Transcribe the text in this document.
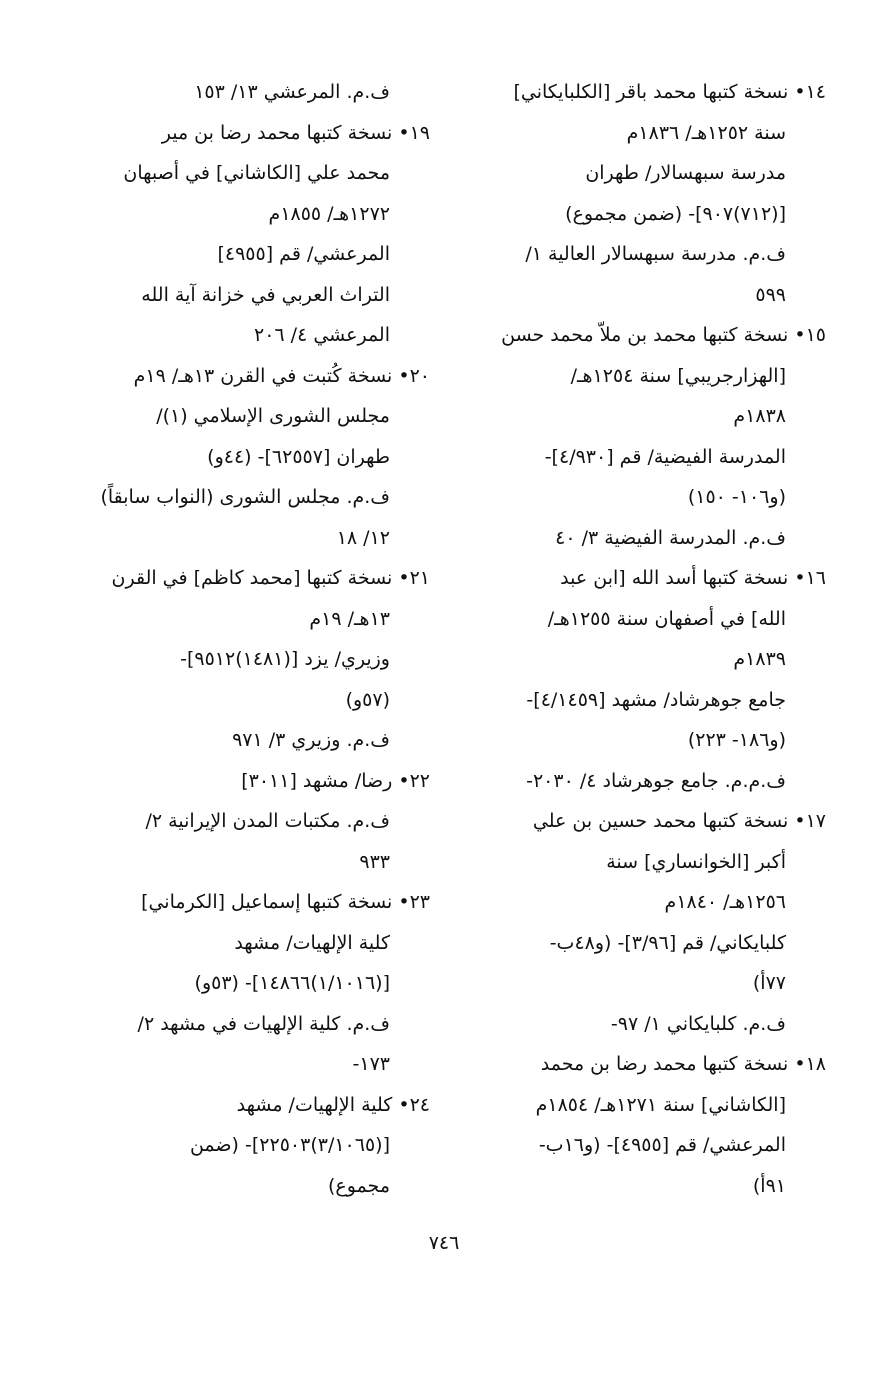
١٤• نسخة كتبها محمد باقر [الكلبايكاني]
سنة ١٢٥٢هـ/ ١٨٣٦م
مدرسة سبهسالار/ طهران
[(٧١٢)٩٠٧]- (ضمن مجموع)
ف.م. مدرسة سبهسالار العالية ١/
٥٩٩
١٥• نسخة كتبها محمد بن ملاّ محمد حسن
[الهزارجريبي] سنة ١٢٥٤هـ/
١٨٣٨م
المدرسة الفيضية/ قم [٤/٩٣٠]-
(و١٠٦- ١٥٠)
ف.م. المدرسة الفيضية ٣/ ٤٠
١٦• نسخة كتبها أسد الله [ابن عبد
الله] في أصفهان سنة ١٢٥٥هـ/
١٨٣٩م
جامع جوهرشاد/ مشهد [٤/١٤٥٩]-
(و١٨٦- ٢٢٣)
ف.م.م. جامع جوهرشاد ٤/ ٢٠٣٠-
١٧• نسخة كتبها محمد حسين بن علي
أكبر [الخوانساري] سنة
١٢٥٦هـ/ ١٨٤٠م
كلبايكاني/ قم [٣/٩٦]- (و٤٨ب-
٧٧أ)
ف.م. كلبايكاني ١/ ٩٧-
١٨• نسخة كتبها محمد رضا بن محمد
[الكاشاني] سنة ١٢٧١هـ/ ١٨٥٤م
المرعشي/ قم [٤٩٥٥]- (و١٦ب-
٩١أ)
ف.م. المرعشي ١٣/ ١٥٣
١٩• نسخة كتبها محمد رضا بن مير
محمد علي [الكاشاني] في أصبهان
١٢٧٢هـ/ ١٨٥٥م
المرعشي/ قم [٤٩٥٥]
التراث العربي في خزانة آية الله
المرعشي ٤/ ٢٠٦
٢٠• نسخة كُتبت في القرن ١٣هـ/ ١٩م
مجلس الشورى الإسلامي (١)/
طهران [٦٢٥٥٧]- (٤٤و)
ف.م. مجلس الشورى (النواب سابقاً)
١٢/ ١٨
٢١• نسخة كتبها [محمد كاظم] في القرن
١٣هـ/ ١٩م
وزيري/ يزد [(١٤٨١)٩٥١٢]-
(٥٧و)
ف.م. وزيري ٣/ ٩٧١
٢٢• رضا/ مشهد [٣٠١١]
ف.م. مكتبات المدن الإيرانية ٢/
٩٣٣
٢٣• نسخة كتبها إسماعيل [الكرماني]
كلية الإلهيات/ مشهد
[(١/١٠١٦)١٤٨٦٦]- (٥٣و)
ف.م. كلية الإلهيات في مشهد ٢/
١٧٣-
٢٤• كلية الإلهيات/ مشهد
[(٣/١٠٦٥)٢٢٥٠٣]- (ضمن
مجموع)
٧٤٦
